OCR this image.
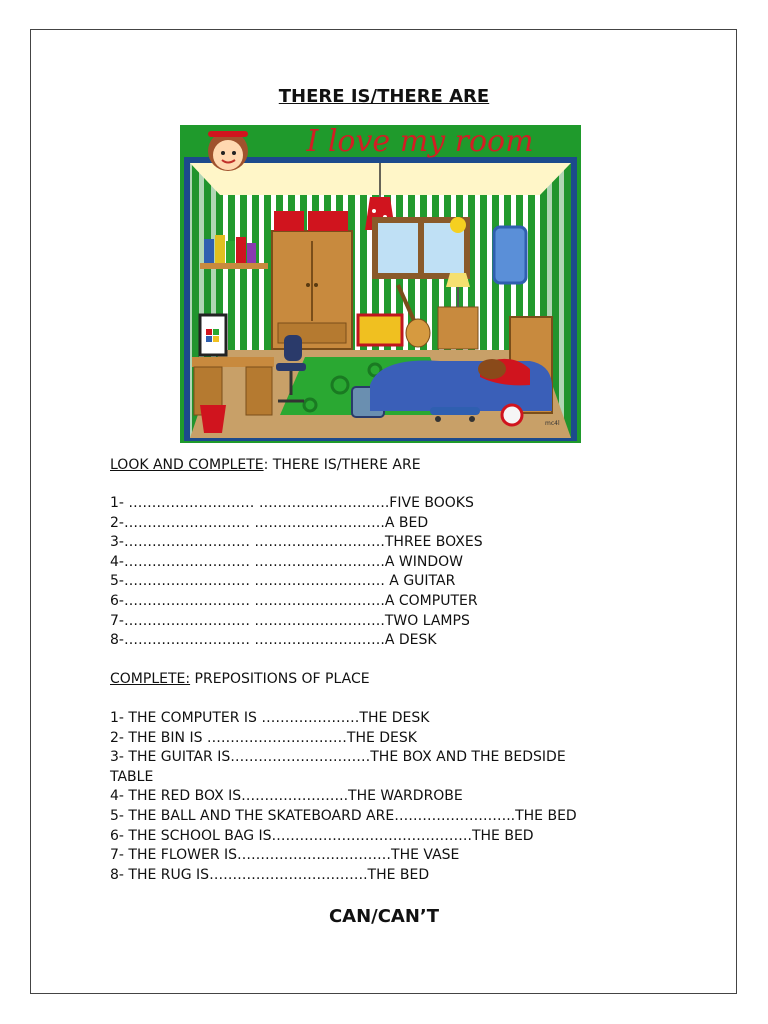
THERE IS/THERE ARE
I love my room
mc4l
LOOK AND COMPLETE: THERE IS/THERE ARE
1- ……………………… ……………………….FIVE BOOKS
2-……………………… ……………………….A BED
3-……………………… ……………………….THREE BOXES
4-……………………… ……………………….A WINDOW
5-……………………… ………………………. A GUITAR
6-……………………… ……………………….A COMPUTER
7-……………………… ……………………….TWO LAMPS
8-……………………… ……………………….A DESK
COMPLETE: PREPOSITIONS OF PLACE
1- THE COMPUTER IS …………………THE DESK
2- THE BIN IS …………………………THE DESK
3- THE GUITAR IS…………………………THE BOX AND THE BEDSIDE
TABLE
4- THE RED BOX IS…………………..THE WARDROBE
5- THE BALL AND THE SKATEBOARD ARE……………………..THE BED
6- THE SCHOOL BAG IS…………………………………….THE BED
7- THE FLOWER IS……………………………THE VASE
8- THE RUG IS…………………………….THE BED
CAN/CAN’T
